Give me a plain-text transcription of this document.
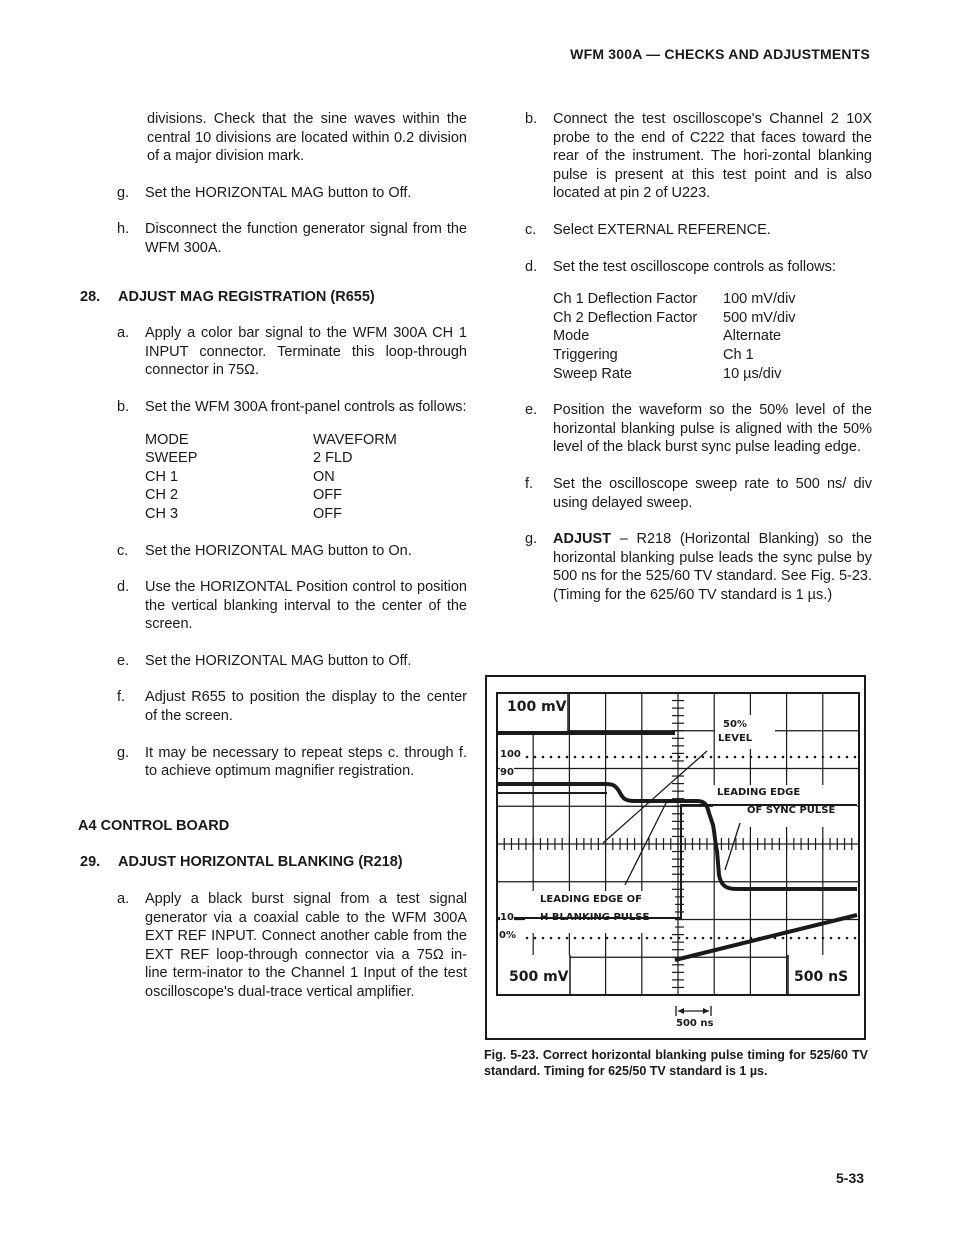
WFM 300A — CHECKS AND ADJUSTMENTS
divisions. Check that the sine waves within the central 10 divisions are located within 0.2 division of a major division mark.
g. Set the HORIZONTAL MAG button to Off.
h. Disconnect the function generator signal from the WFM 300A.
28. ADJUST MAG REGISTRATION (R655)
a. Apply a color bar signal to the WFM 300A CH 1 INPUT connector. Terminate this loop-through connector in 75Ω.
b. Set the WFM 300A front-panel controls as follows:
MODE	WAVEFORM
SWEEP	2 FLD
CH 1	ON
CH 2	OFF
CH 3	OFF
c. Set the HORIZONTAL MAG button to On.
d. Use the HORIZONTAL Position control to position the vertical blanking interval to the center of the screen.
e. Set the HORIZONTAL MAG button to Off.
f. Adjust R655 to position the display to the center of the screen.
g. It may be necessary to repeat steps c. through f. to achieve optimum magnifier registration.
A4 CONTROL BOARD
29. ADJUST HORIZONTAL BLANKING (R218)
a. Apply a black burst signal from a test signal generator via a coaxial cable to the WFM 300A EXT REF INPUT. Connect another cable from the EXT REF loop-through connector via a 75Ω in-line term-inator to the Channel 1 Input of the test oscilloscope's dual-trace vertical amplifier.
b. Connect the test oscilloscope's Channel 2 10X probe to the end of C222 that faces toward the rear of the instrument. The hori-zontal blanking pulse is present at this test point and is also located at pin 2 of U223.
c. Select EXTERNAL REFERENCE.
d. Set the test oscilloscope controls as follows:
Ch 1 Deflection Factor	100 mV/div
Ch 2 Deflection Factor	500 mV/div
Mode	Alternate
Triggering	Ch 1
Sweep Rate	10 µs/div
e. Position the waveform so the 50% level of the horizontal blanking pulse is aligned with the 50% level of the black burst sync pulse leading edge.
f. Set the oscilloscope sweep rate to 500 ns/ div using delayed sweep.
g. ADJUST – R218 (Horizontal Blanking) so the horizontal blanking pulse leads the sync pulse by 500 ns for the 525/60 TV standard. See Fig. 5-23. (Timing for the 625/60 TV standard is 1 µs.)
100 mV
500 mV	500 nS
100
90
10
0%
50%
LEVEL
LEADING EDGE
OF SYNC PULSE
LEADING EDGE OF
H BLANKING PULSE
500 ns
Fig. 5-23. Correct horizontal blanking pulse timing for 525/60 TV standard. Timing for 625/50 TV standard is 1 µs.
5-33
